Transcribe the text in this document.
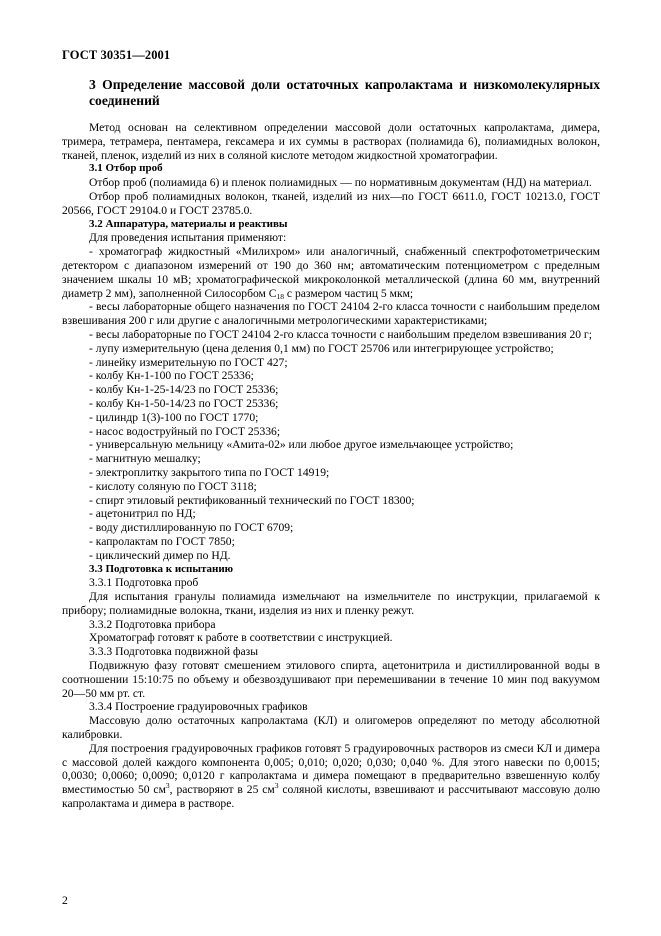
ГОСТ 30351—2001
3 Определение массовой доли остаточных капролактама и низкомолекулярных соединений

Метод основан на селективном определении массовой доли остаточных капролактама, димера, тримера, тетрамера, пентамера, гексамера и их суммы в растворах (полиамида 6), полиамидных волокон, тканей, пленок, изделий из них в соляной кислоте методом жидкостной хроматографии.

3.1 Отбор проб

Отбор проб (полиамида 6) и пленок полиамидных — по нормативным документам (НД) на материал.

Отбор проб полиамидных волокон, тканей, изделий из них—по ГОСТ 6611.0, ГОСТ 10213.0, ГОСТ 20566, ГОСТ 29104.0 и ГОСТ 23785.0.

3.2 Аппаратура, материалы и реактивы

Для проведения испытания применяют:

- хроматограф жидкостный «Милихром» или аналогичный, снабженный спектрофотометрическим детектором с диапазоном измерений от 190 до 360 нм; автоматическим потенциометром с пределным значением шкалы 10 мВ; хроматографической микроколонкой металлической (длина 60 мм, внутренний диаметр 2 мм), заполненной Силосорбом $С_{18}$ с размером частиц 5 мкм;

- весы лабораторные общего назначения по ГОСТ 24104 2-го класса точности с наибольшим пределом взвешивания 200 г или другие с аналогичными метрологическими характеристиками;

- весы лабораторные по ГОСТ 24104 2-го класса точности с наибольшим пределом взвешивания 20 г;

- лупу измерительную (цена деления 0,1 мм) по ГОСТ 25706 или интегрирующее устройство;

- линейку измерительную по ГОСТ 427;

- колбу Кн-1-100 по ГОСТ 25336;

- колбу Кн-1-25-14/23 по ГОСТ 25336;

- колбу Кн-1-50-14/23 по ГОСТ 25336;

- цилиндр 1(3)-100 по ГОСТ 1770;

- насос водоструйный по ГОСТ 25336;

- универсальную мельницу «Амита-02» или любое другое измельчающее устройство;

- магнитную мешалку;

- электроплитку закрытого типа по ГОСТ 14919;

- кислоту соляную по ГОСТ 3118;

- спирт этиловый ректификованный технический по ГОСТ 18300;

- ацетонитрил по НД;

- воду дистиллированную по ГОСТ 6709;

- капролактам по ГОСТ 7850;

- циклический димер по НД.

3.3 Подготовка к испытанию
3.3.1 Подготовка проб

Для испытания гранулы полиамида измельчают на измельчителе по инструкции, прилагаемой к прибору; полиамидные волокна, ткани, изделия из них и пленку режут.

3.3.2 Подготовка прибора

Хроматограф готовят к работе в соответствии с инструкцией.

3.3.3 Подготовка подвижной фазы

Подвижную фазу готовят смешением этилового спирта, ацетонитрила и дистиллированной воды в соотношении 15:10:75 по объему и обезвоздушивают при перемешивании в течение 10 мин под вакуумом 20—50 мм рт. ст.

3.3.4 Построение градуировочных графиков

Массовую долю остаточных капролактама (КЛ) и олигомеров определяют по методу абсолютной калибровки.

Для построения градуировочных графиков готовят 5 градуировочных растворов из смеси КЛ и димера с массовой долей каждого компонента 0,005; 0,010; 0,020; 0,030; 0,040 %. Для этого навески по 0,0015; 0,0030; 0,0060; 0,0090; 0,0120 г капролактама и димера помещают в предварительно взвешенную колбу вместимостью 50 $см^3$, растворяют в 25 $см^3$ соляной кислоты, взвешивают и рассчитывают массовую долю капролактама и димера в растворе.

2
